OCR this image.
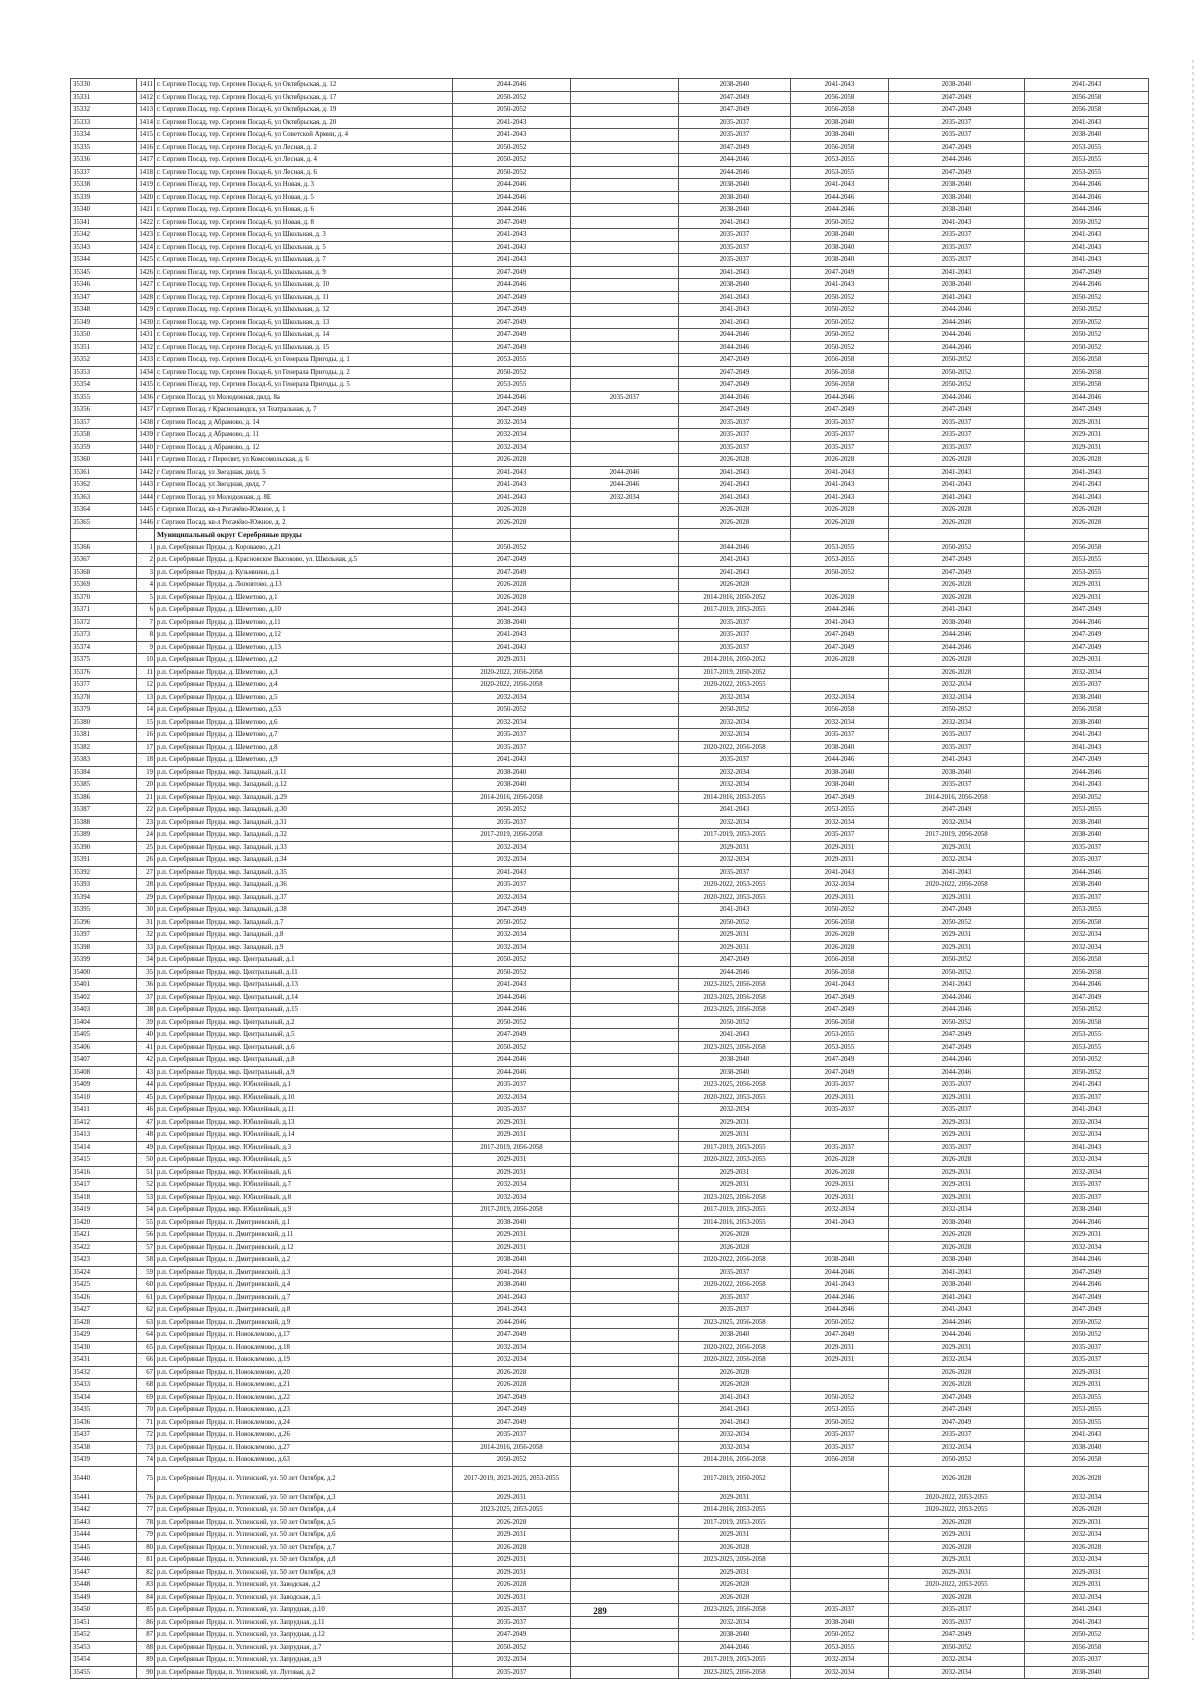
35330	1411	г. Сергиев Посад, тер. Сергиев Посад-6, ул Октябрьская, д. 12	2044-2046		2038-2040	2041-2043	2038-2040	2041-2043
35331	1412	г. Сергиев Посад, тер. Сергиев Посад-6, ул Октябрьская, д. 17	2050-2052		2047-2049	2056-2058	2047-2049	2056-2058
35332	1413	г. Сергиев Посад, тер. Сергиев Посад-6, ул Октябрьская, д. 19	2050-2052		2047-2049	2056-2058	2047-2049	2056-2058
35333	1414	г. Сергиев Посад, тер. Сергиев Посад-6, ул Октябрьская, д. 20	2041-2043		2035-2037	2038-2040	2035-2037	2041-2043
35334	1415	г. Сергиев Посад, тер. Сергиев Посад-6, ул Советской Армии, д. 4	2041-2043		2035-2037	2038-2040	2035-2037	2038-2040
35335	1416	г. Сергиев Посад, тер. Сергиев Посад-6, ул Лесная, д. 2	2050-2052		2047-2049	2056-2058	2047-2049	2053-2055
35336	1417	г. Сергиев Посад, тер. Сергиев Посад-6, ул Лесная, д. 4	2050-2052		2044-2046	2053-2055	2044-2046	2053-2055
35337	1418	г. Сергиев Посад, тер. Сергиев Посад-6, ул Лесная, д. 6	2050-2052		2044-2046	2053-2055	2047-2049	2053-2055
35338	1419	г. Сергиев Посад, тер. Сергиев Посад-6, ул Новая, д. 3	2044-2046		2038-2040	2041-2043	2038-2040	2044-2046
35339	1420	г. Сергиев Посад, тер. Сергиев Посад-6, ул Новая, д. 5	2044-2046		2038-2040	2044-2046	2038-2040	2044-2046
35340	1421	г. Сергиев Посад, тер. Сергиев Посад-6, ул Новая, д. 6	2044-2046		2038-2040	2044-2046	2038-2040	2044-2046
35341	1422	г. Сергиев Посад, тер. Сергиев Посад-6, ул Новая, д. 8	2047-2049		2041-2043	2050-2052	2041-2043	2050-2052
35342	1423	г. Сергиев Посад, тер. Сергиев Посад-6, ул Школьная, д. 3	2041-2043		2035-2037	2038-2040	2035-2037	2041-2043
35343	1424	г. Сергиев Посад, тер. Сергиев Посад-6, ул Школьная, д. 5	2041-2043		2035-2037	2038-2040	2035-2037	2041-2043
35344	1425	г. Сергиев Посад, тер. Сергиев Посад-6, ул Школьная, д. 7	2041-2043		2035-2037	2038-2040	2035-2037	2041-2043
35345	1426	г. Сергиев Посад, тер. Сергиев Посад-6, ул Школьная, д. 9	2047-2049		2041-2043	2047-2049	2041-2043	2047-2049
35346	1427	г. Сергиев Посад, тер. Сергиев Посад-6, ул Школьная, д. 10	2044-2046		2038-2040	2041-2043	2038-2040	2044-2046
35347	1428	г. Сергиев Посад, тер. Сергиев Посад-6, ул Школьная, д. 11	2047-2049		2041-2043	2050-2052	2041-2043	2050-2052
35348	1429	г. Сергиев Посад, тер. Сергиев Посад-6, ул Школьная, д. 12	2047-2049		2041-2043	2050-2052	2044-2046	2050-2052
35349	1430	г. Сергиев Посад, тер. Сергиев Посад-6, ул Школьная, д. 13	2047-2049		2041-2043	2050-2052	2044-2046	2050-2052
35350	1431	г. Сергиев Посад, тер. Сергиев Посад-6, ул Школьная, д. 14	2047-2049		2044-2046	2050-2052	2044-2046	2050-2052
35351	1432	г. Сергиев Посад, тер. Сергиев Посад-6, ул Школьная, д. 15	2047-2049		2044-2046	2050-2052	2044-2046	2050-2052
35352	1433	г. Сергиев Посад, тер. Сергиев Посад-6, ул Генерала Пригоды, д. 1	2053-2055		2047-2049	2056-2058	2050-2052	2056-2058
35353	1434	г. Сергиев Посад, тер. Сергиев Посад-6, ул Генерала Пригоды, д. 2	2050-2052		2047-2049	2056-2058	2050-2052	2056-2058
35354	1435	г. Сергиев Посад, тер. Сергиев Посад-6, ул Генерала Пригоды, д. 5	2053-2055		2047-2049	2056-2058	2050-2052	2056-2058
35355	1436	г Сергиев Посад, ул Молодежная, двлд. 8а	2044-2046	2035-2037	2044-2046	2044-2046	2044-2046	2044-2046
35356	1437	г Сергиев Посад, г Краснозаводск, ул Театральная, д. 7	2047-2049		2047-2049	2047-2049	2047-2049	2047-2049
35357	1438	г Сергиев Посад, д Абрамово, д. 14	2032-2034		2035-2037	2035-2037	2035-2037	2029-2031
35358	1439	г Сергиев Посад, д Абрамово, д. 11	2032-2034		2035-2037	2035-2037	2035-2037	2029-2031
35359	1440	г Сергиев Посад, д Абрамово, д. 12	2032-2034		2035-2037	2035-2037	2035-2037	2029-2031
35360	1441	г Сергиев Посад, г Пересвет, ул Комсомольская, д. 6	2026-2028		2026-2028	2026-2028	2026-2028	2026-2028
35361	1442	г Сергиев Посад, ул Звездная, двлд. 5	2041-2043	2044-2046	2041-2043	2041-2043	2041-2043	2041-2043
35362	1443	г Сергиев Посад, ул Звездная, двлд. 7	2041-2043	2044-2046	2041-2043	2041-2043	2041-2043	2041-2043
35363	1444	г Сергиев Посад, ул Молодежная, д. 8Е	2041-2043	2032-2034	2041-2043	2041-2043	2041-2043	2041-2043
35364	1445	г Сергиев Посад, кв-л Рогачёво-Южное, д. 1	2026-2028		2026-2028	2026-2028	2026-2028	2026-2028
35365	1446	г Сергиев Посад, кв-л Рогачёво-Южное, д. 2	2026-2028		2026-2028	2026-2028	2026-2028	2026-2028
		Муниципальный округ Серебряные пруды						
35366	1	р.п. Серебряные Пруды, д. Короваево, д.21	2050-2052		2044-2046	2053-2055	2050-2052	2056-2058
35367	2	р.п. Серебряные Пруды, д. Красновское Высоково, ул. Школьная, д.5	2047-2049		2041-2043	2053-2055	2047-2049	2053-2055
35368	3	р.п. Серебряные Пруды, д. Кузьминки, д.1	2047-2049		2041-2043	2050-2052	2047-2049	2053-2055
35369	4	р.п. Серебряные Пруды, д. Лоповтово, д.13	2026-2028		2026-2028		2026-2028	2029-2031
35370	5	р.п. Серебряные Пруды, д. Шеметово, д.1	2026-2028		2014-2016, 2050-2052	2026-2028	2026-2028	2029-2031
35371	6	р.п. Серебряные Пруды, д. Шеметово, д.10	2041-2043		2017-2019, 2053-2055	2044-2046	2041-2043	2047-2049
35372	7	р.п. Серебряные Пруды, д. Шеметово, д.11	2038-2040		2035-2037	2041-2043	2038-2040	2044-2046
35373	8	р.п. Серебряные Пруды, д. Шеметово, д.12	2041-2043		2035-2037	2047-2049	2044-2046	2047-2049
35374	9	р.п. Серебряные Пруды, д. Шеметово, д.13	2041-2043		2035-2037	2047-2049	2044-2046	2047-2049
35375	10	р.п. Серебряные Пруды, д. Шеметово, д.2	2029-2031		2014-2016, 2050-2052	2026-2028	2026-2028	2029-2031
35376	11	р.п. Серебряные Пруды, д. Шеметово, д.3	2020-2022, 2056-2058		2017-2019, 2050-2052		2026-2028	2032-2034
35377	12	р.п. Серебряные Пруды, д. Шеметово, д.4	2020-2022, 2056-2058		2020-2022, 2053-2055		2032-2034	2035-2037
35378	13	р.п. Серебряные Пруды, д. Шеметово, д.5	2032-2034		2032-2034	2032-2034	2032-2034	2038-2040
35379	14	р.п. Серебряные Пруды, д. Шеметово, д.53	2050-2052		2050-2052	2056-2058	2050-2052	2056-2058
35380	15	р.п. Серебряные Пруды, д. Шеметово, д.6	2032-2034		2032-2034	2032-2034	2032-2034	2038-2040
35381	16	р.п. Серебряные Пруды, д. Шеметово, д.7	2035-2037		2032-2034	2035-2037	2035-2037	2041-2043
35382	17	р.п. Серебряные Пруды, д. Шеметово, д.8	2035-2037		2020-2022, 2056-2058	2038-2040	2035-2037	2041-2043
35383	18	р.п. Серебряные Пруды, д. Шеметово, д.9	2041-2043		2035-2037	2044-2046	2041-2043	2047-2049
35384	19	р.п. Серебряные Пруды, мкр. Западный, д.11	2038-2040		2032-2034	2038-2040	2038-2040	2044-2046
35385	20	р.п. Серебряные Пруды, мкр. Западный, д.12	2038-2040		2032-2034	2038-2040	2035-2037	2041-2043
35386	21	р.п. Серебряные Пруды, мкр. Западный, д.29	2014-2016, 2056-2058		2014-2016, 2053-2055	2047-2049	2014-2016, 2056-2058	2050-2052
35387	22	р.п. Серебряные Пруды, мкр. Западный, д.30	2050-2052		2041-2043	2053-2055	2047-2049	2053-2055
35388	23	р.п. Серебряные Пруды, мкр. Западный, д.31	2035-2037		2032-2034	2032-2034	2032-2034	2038-2040
35389	24	р.п. Серебряные Пруды, мкр. Западный, д.32	2017-2019, 2056-2058		2017-2019, 2053-2055	2035-2037	2017-2019, 2056-2058	2038-2040
35390	25	р.п. Серебряные Пруды, мкр. Западный, д.33	2032-2034		2029-2031	2029-2031	2029-2031	2035-2037
35391	26	р.п. Серебряные Пруды, мкр. Западный, д.34	2032-2034		2032-2034	2029-2031	2032-2034	2035-2037
35392	27	р.п. Серебряные Пруды, мкр. Западный, д.35	2041-2043		2035-2037	2041-2043	2041-2043	2044-2046
35393	28	р.п. Серебряные Пруды, мкр. Западный, д.36	2035-2037		2020-2022, 2053-2055	2032-2034	2020-2022, 2056-2058	2038-2040
35394	29	р.п. Серебряные Пруды, мкр. Западный, д.37	2032-2034		2020-2022, 2053-2055	2029-2031	2029-2031	2035-2037
35395	30	р.п. Серебряные Пруды, мкр. Западный, д.38	2047-2049		2041-2043	2050-2052	2047-2049	2053-2055
35396	31	р.п. Серебряные Пруды, мкр. Западный, д.7	2050-2052		2050-2052	2056-2058	2050-2052	2056-2058
35397	32	р.п. Серебряные Пруды, мкр. Западный, д.8	2032-2034		2029-2031	2026-2028	2029-2031	2032-2034
35398	33	р.п. Серебряные Пруды, мкр. Западный, д.9	2032-2034		2029-2031	2026-2028	2029-2031	2032-2034
35399	34	р.п. Серебряные Пруды, мкр. Центральный, д.1	2050-2052		2047-2049	2056-2058	2050-2052	2056-2058
35400	35	р.п. Серебряные Пруды, мкр. Центральный, д.11	2050-2052		2044-2046	2056-2058	2050-2052	2056-2058
35401	36	р.п. Серебряные Пруды, мкр. Центральный, д.13	2041-2043		2023-2025, 2056-2058	2041-2043	2041-2043	2044-2046
35402	37	р.п. Серебряные Пруды, мкр. Центральный, д.14	2044-2046		2023-2025, 2056-2058	2047-2049	2044-2046	2047-2049
35403	38	р.п. Серебряные Пруды, мкр. Центральный, д.15	2044-2046		2023-2025, 2056-2058	2047-2049	2044-2046	2050-2052
35404	39	р.п. Серебряные Пруды, мкр. Центральный, д.2	2050-2052		2050-2052	2056-2058	2050-2052	2056-2058
35405	40	р.п. Серебряные Пруды, мкр. Центральный, д.5	2047-2049		2041-2043	2053-2055	2047-2049	2053-2055
35406	41	р.п. Серебряные Пруды, мкр. Центральный, д.6	2050-2052		2023-2025, 2056-2058	2053-2055	2047-2049	2053-2055
35407	42	р.п. Серебряные Пруды, мкр. Центральный, д.8	2044-2046		2038-2040	2047-2049	2044-2046	2050-2052
35408	43	р.п. Серебряные Пруды, мкр. Центральный, д.9	2044-2046		2038-2040	2047-2049	2044-2046	2050-2052
35409	44	р.п. Серебряные Пруды, мкр. Юбилейный, д.1	2035-2037		2023-2025, 2056-2058	2035-2037	2035-2037	2041-2043
35410	45	р.п. Серебряные Пруды, мкр. Юбилейный, д.10	2032-2034		2020-2022, 2053-2055	2029-2031	2029-2031	2035-2037
35411	46	р.п. Серебряные Пруды, мкр. Юбилейный, д.11	2035-2037		2032-2034	2035-2037	2035-2037	2041-2043
35412	47	р.п. Серебряные Пруды, мкр. Юбилейный, д.13	2029-2031		2029-2031		2029-2031	2032-2034
35413	48	р.п. Серебряные Пруды, мкр. Юбилейный, д.14	2029-2031		2029-2031		2029-2031	2032-2034
35414	49	р.п. Серебряные Пруды, мкр. Юбилейный, д.3	2017-2019, 2056-2058		2017-2019, 2053-2055	2035-2037	2035-2037	2041-2043
35415	50	р.п. Серебряные Пруды, мкр. Юбилейный, д.5	2029-2031		2020-2022, 2053-2055	2026-2028	2026-2028	2032-2034
35416	51	р.п. Серебряные Пруды, мкр. Юбилейный, д.6	2029-2031		2029-2031	2026-2028	2029-2031	2032-2034
35417	52	р.п. Серебряные Пруды, мкр. Юбилейный, д.7	2032-2034		2029-2031	2029-2031	2029-2031	2035-2037
35418	53	р.п. Серебряные Пруды, мкр. Юбилейный, д.8	2032-2034		2023-2025, 2056-2058	2029-2031	2029-2031	2035-2037
35419	54	р.п. Серебряные Пруды, мкр. Юбилейный, д.9	2017-2019, 2056-2058		2017-2019, 2053-2055	2032-2034	2032-2034	2038-2040
35420	55	р.п. Серебряные Пруды, п. Дмитриевский, д.1	2038-2040		2014-2016, 2053-2055	2041-2043	2038-2040	2044-2046
35421	56	р.п. Серебряные Пруды, п. Дмитриевский, д.11	2029-2031		2026-2028		2026-2028	2029-2031
35422	57	р.п. Серебряные Пруды, п. Дмитриевский, д.12	2029-2031		2026-2028		2026-2028	2032-2034
35423	58	р.п. Серебряные Пруды, п. Дмитриевский, д.2	2038-2040		2020-2022, 2056-2058	2038-2040	2038-2040	2044-2046
35424	59	р.п. Серебряные Пруды, п. Дмитриевский, д.3	2041-2043		2035-2037	2044-2046	2041-2043	2047-2049
35425	60	р.п. Серебряные Пруды, п. Дмитриевский, д.4	2038-2040		2020-2022, 2056-2058	2041-2043	2038-2040	2044-2046
35426	61	р.п. Серебряные Пруды, п. Дмитриевский, д.7	2041-2043		2035-2037	2044-2046	2041-2043	2047-2049
35427	62	р.п. Серебряные Пруды, п. Дмитриевский, д.8	2041-2043		2035-2037	2044-2046	2041-2043	2047-2049
35428	63	р.п. Серебряные Пруды, п. Дмитриевский, д.9	2044-2046		2023-2025, 2056-2058	2050-2052	2044-2046	2050-2052
35429	64	р.п. Серебряные Пруды, п. Новоклемово, д.17	2047-2049		2038-2040	2047-2049	2044-2046	2050-2052
35430	65	р.п. Серебряные Пруды, п. Новоклемово, д.18	2032-2034		2020-2022, 2056-2058	2029-2031	2029-2031	2035-2037
35431	66	р.п. Серебряные Пруды, п. Новоклемово, д.19	2032-2034		2020-2022, 2056-2058	2029-2031	2032-2034	2035-2037
35432	67	р.п. Серебряные Пруды, п. Новоклемово, д.20	2026-2028		2026-2028		2026-2028	2029-2031
35433	68	р.п. Серебряные Пруды, п. Новоклемово, д.21	2026-2028		2026-2028		2026-2028	2029-2031
35434	69	р.п. Серебряные Пруды, п. Новоклемово, д.22	2047-2049		2041-2043	2050-2052	2047-2049	2053-2055
35435	70	р.п. Серебряные Пруды, п. Новоклемово, д.23	2047-2049		2041-2043	2053-2055	2047-2049	2053-2055
35436	71	р.п. Серебряные Пруды, п. Новоклемово, д.24	2047-2049		2041-2043	2050-2052	2047-2049	2053-2055
35437	72	р.п. Серебряные Пруды, п. Новоклемово, д.26	2035-2037		2032-2034	2035-2037	2035-2037	2041-2043
35438	73	р.п. Серебряные Пруды, п. Новоклемово, д.27	2014-2016, 2056-2058		2032-2034	2035-2037	2032-2034	2038-2040
35439	74	р.п. Серебряные Пруды, п. Новоклемово, д.63	2050-2052		2014-2016, 2056-2058	2056-2058	2050-2052	2056-2058
35440	75	р.п. Серебряные Пруды, п. Успенский, ул. 50 лет Октября, д.2	2017-2019, 2023-2025, 2053-2055		2017-2019, 2050-2052		2026-2028	2026-2028
35441	76	р.п. Серебряные Пруды, п. Успенский, ул. 50 лет Октября, д.3	2029-2031		2029-2031		2020-2022, 2053-2055	2032-2034
35442	77	р.п. Серебряные Пруды, п. Успенский, ул. 50 лет Октября, д.4	2023-2025, 2053-2055		2014-2016, 2053-2055		2020-2022, 2053-2055	2026-2028
35443	78	р.п. Серебряные Пруды, п. Успенский, ул. 50 лет Октября, д.5	2026-2028		2017-2019, 2053-2055		2026-2028	2029-2031
35444	79	р.п. Серебряные Пруды, п. Успенский, ул. 50 лет Октября, д.6	2029-2031		2029-2031		2029-2031	2032-2034
35445	80	р.п. Серебряные Пруды, п. Успенский, ул. 50 лет Октября, д.7	2026-2028		2026-2028		2026-2028	2026-2028
35446	81	р.п. Серебряные Пруды, п. Успенский, ул. 50 лет Октября, д.8	2029-2031		2023-2025, 2056-2058		2029-2031	2032-2034
35447	82	р.п. Серебряные Пруды, п. Успенский, ул. 50 лет Октября, д.9	2029-2031		2029-2031		2029-2031	2029-2031
35448	83	р.п. Серебряные Пруды, п. Успенский, ул. Заводская, д.2	2026-2028		2026-2028		2020-2022, 2053-2055	2029-2031
35449	84	р.п. Серебряные Пруды, п. Успенский, ул. Заводская, д.5	2029-2031		2026-2028		2026-2028	2032-2034
35450	85	р.п. Серебряные Пруды, п. Успенский, ул. Запрудная, д.10	2035-2037		2023-2025, 2056-2058	2035-2037	2035-2037	2041-2043
35451	86	р.п. Серебряные Пруды, п. Успенский, ул. Запрудная, д.11	2035-2037		2032-2034	2038-2040	2035-2037	2041-2043
35452	87	р.п. Серебряные Пруды, п. Успенский, ул. Запрудная, д.12	2047-2049		2038-2040	2050-2052	2047-2049	2050-2052
35453	88	р.п. Серебряные Пруды, п. Успенский, ул. Запрудная, д.7	2050-2052		2044-2046	2053-2055	2050-2052	2056-2058
35454	89	р.п. Серебряные Пруды, п. Успенский, ул. Запрудная, д.9	2032-2034		2017-2019, 2053-2055	2032-2034	2032-2034	2035-2037
35455	90	р.п. Серебряные Пруды, п. Успенский, ул. Луговая, д.2	2035-2037		2023-2025, 2056-2058	2032-2034	2032-2034	2038-2040
289
